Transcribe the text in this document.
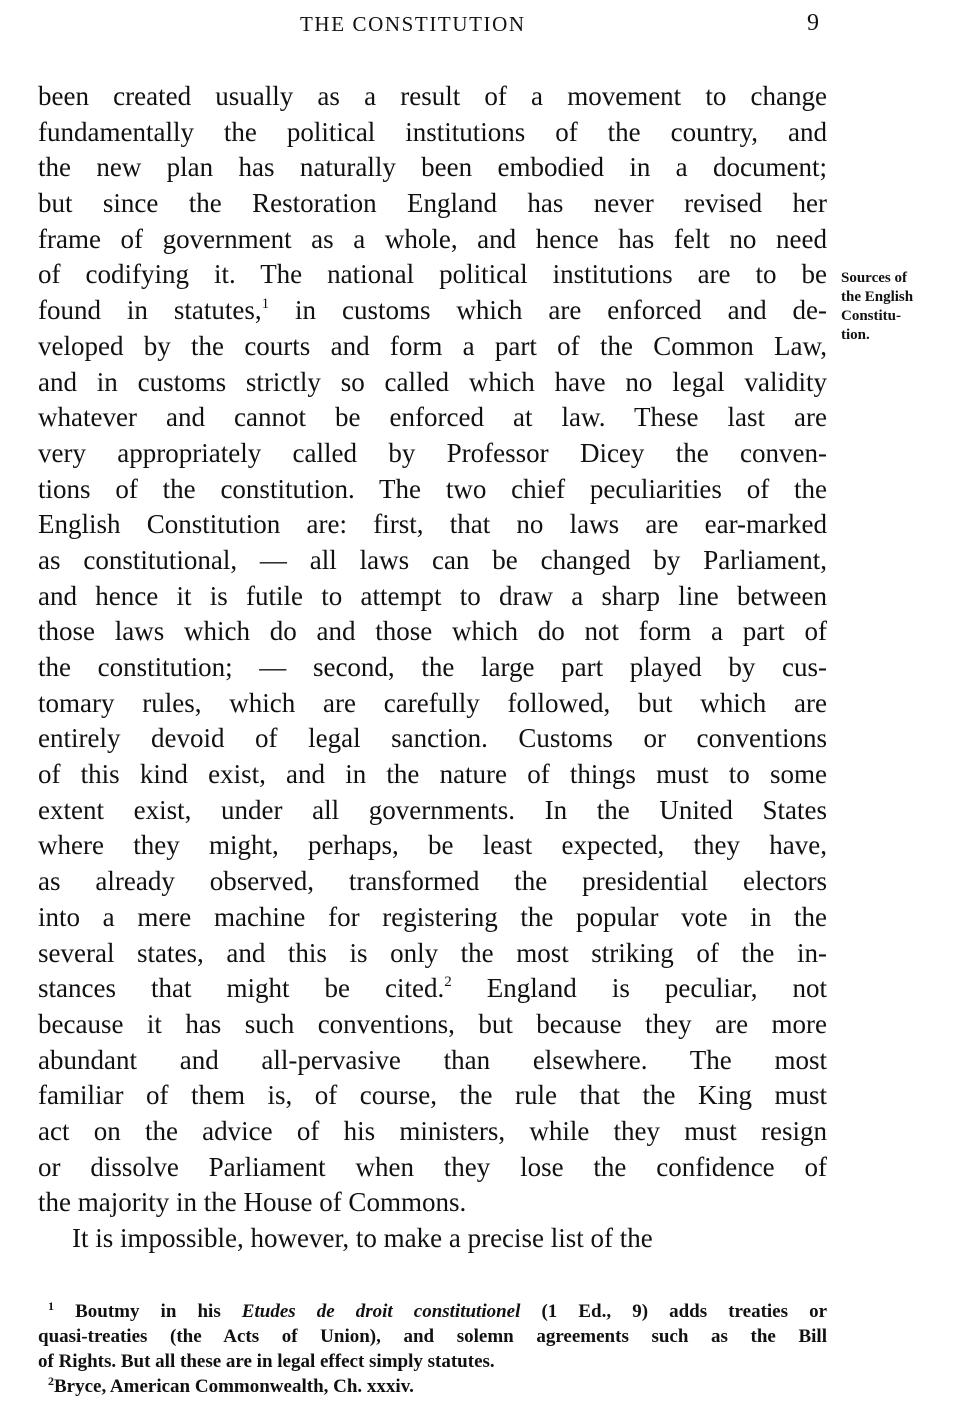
THE CONSTITUTION	9
Sources of
the English
Constitu-
tion.
been created usually as a result of a movement to change
fundamentally the political institutions of the country, and
the new plan has naturally been embodied in a document;
but since the Restoration England has never revised her
frame of government as a whole, and hence has felt no need
of codifying it. The national political institutions are to be
found in statutes,$^1$ in customs which are enforced and de-
veloped by the courts and form a part of the Common Law,
and in customs strictly so called which have no legal validity
whatever and cannot be enforced at law. These last are
very appropriately called by Professor Dicey the conven-
tions of the constitution. The two chief peculiarities of the
English Constitution are: first, that no laws are ear-marked
as constitutional, — all laws can be changed by Parliament,
and hence it is futile to attempt to draw a sharp line between
those laws which do and those which do not form a part of
the constitution; — second, the large part played by cus-
tomary rules, which are carefully followed, but which are
entirely devoid of legal sanction. Customs or conventions
of this kind exist, and in the nature of things must to some
extent exist, under all governments. In the United States
where they might, perhaps, be least expected, they have,
as already observed, transformed the presidential electors
into a mere machine for registering the popular vote in the
several states, and this is only the most striking of the in-
stances that might be cited.$^2$ England is peculiar, not
because it has such conventions, but because they are more
abundant and all-pervasive than elsewhere. The most
familiar of them is, of course, the rule that the King must
act on the advice of his ministers, while they must resign
or dissolve Parliament when they lose the confidence of
the majority in the House of Commons.
It is impossible, however, to make a precise list of the
$^1$ Boutmy in his Etudes de droit constitutionel (1 Ed., 9) adds treaties or
quasi-treaties (the Acts of Union), and solemn agreements such as the Bill
of Rights. But all these are in legal effect simply statutes.
$^2$Bryce, American Commonwealth, Ch. xxxiv.
